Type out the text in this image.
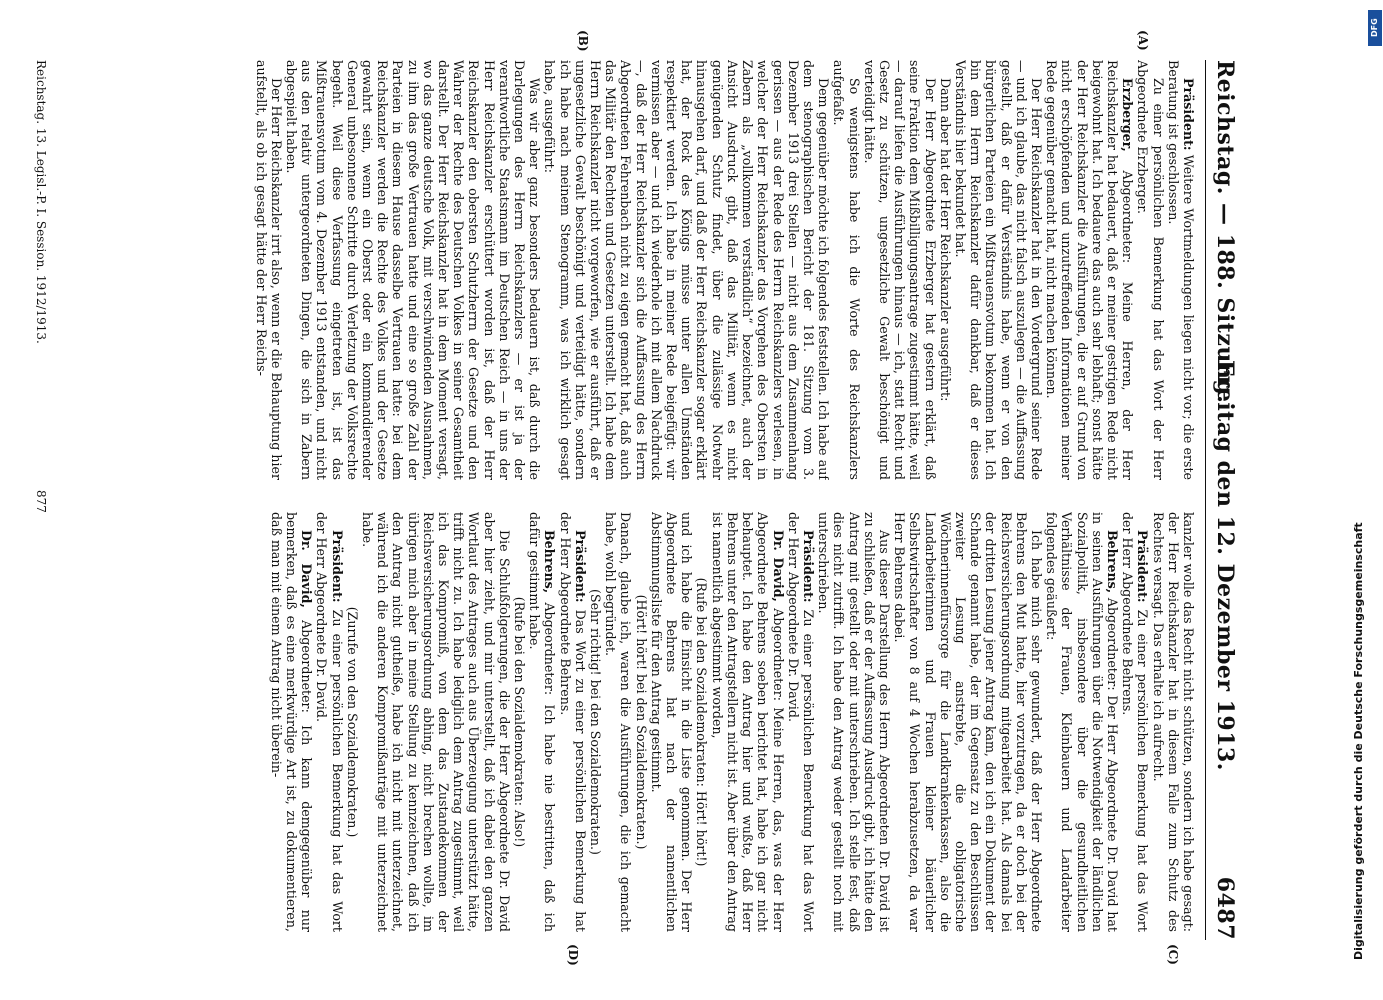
Reichstag. — 188. Sitzung.
Freitag den 12. Dezember 1913.
6487
(A)
(B)
(C)
(D)

Präsident: Weitere Wortmeldungen liegen nicht vor; die erste Beratung ist geschlossen.

Zu einer persönlichen Bemerkung hat das Wort der Herr Abgeordnete Erzberger.

Erzberger, Abgeordneter: Meine Herren, der Herr Reichskanzler hat bedauert, daß er meiner gestrigen Rede nicht beigewohnt hat. Ich bedauere das auch sehr lebhaft; sonst hätte der Herr Reichskanzler die Ausführungen, die er auf Grund von nicht erschöpfenden und unzutreffenden Informationen meiner Rede gegenüber gemacht hat, nicht machen können.

Der Herr Reichskanzler hat in den Vordergrund seiner Rede — und ich glaube, das nicht falsch auszulegen — die Auffassung gestellt, daß er dafür Verständnis habe, wenn er von den bürgerlichen Parteien ein Mißtrauensvotum bekommen hat. Ich bin dem Herrn Reichskanzler dafür dankbar, daß er dieses Verständnis hier bekundet hat.

Dann aber hat der Herr Reichskanzler ausgeführt:

Der Herr Abgeordnete Erzberger hat gestern erklärt, daß seine Fraktion dem Mißbilligungsantrage zugestimmt hätte, weil — darauf liefen die Ausführungen hinaus — ich, statt Recht und Gesetz zu schützen, ungesetzliche Gewalt beschönigt und verteidigt hätte.

So wenigstens habe ich die Worte des Reichskanzlers aufgefaßt.

Dem gegenüber möchte ich folgendes feststellen. Ich habe auf dem stenographischen Bericht der 181. Sitzung vom 3. Dezember 1913 drei Stellen — nicht aus dem Zusammenhang gerissen — aus der Rede des Herrn Reichskanzlers verlesen, in welcher der Herr Reichskanzler das Vorgehen des Obersten in Zabern als „vollkommen verständlich“ bezeichnet, auch der Ansicht Ausdruck gibt, daß das Militär, wenn es nicht genügenden Schutz findet, über die zulässige Notwehr hinausgehen darf, und daß der Herr Reichskanzler sogar erklärt hat, der Rock des Königs müsse unter allen Umständen respektiert werden. Ich habe in meiner Rede beigefügt: wir vermissen aber — und ich wiederhole ich mit allem Nachdruck —, daß der Herr Reichskanzler sich die Auffassung des Herrn Abgeordneten Fehrenbach nicht zu eigen gemacht hat, daß auch das Militär den Rechten und Gesetzen unterstellt. Ich habe dem Herrn Reichskanzler nicht vorgeworfen, wie er ausführt, daß er ungesetzliche Gewalt beschönigt und verteidigt hätte, sondern ich habe nach meinem Stenogramm, was ich wirklich gesagt habe, ausgeführt:

Was wir aber ganz besonders bedauern ist, daß durch die Darlegungen des Herrn Reichskanzlers — er ist ja der verantwortliche Staatsmann im Deutschen Reich — in uns der Herr Reichskanzler erschüttert worden ist, daß der Herr Reichskanzler den obersten Schutzherrn der Gesetze und den Wahrer der Rechte des Deutschen Volkes in seiner Gesamtheit darstellt. Der Herr Reichskanzler hat in dem Moment versagt, wo das ganze deutsche Volk, mit verschwindenden Ausnahmen, zu ihm das große Vertrauen hatte und eine so große Zahl der Parteien in diesem Hause dasselbe Vertrauen hatte: bei dem Reichskanzler werden die Rechte des Volkes und der Gesetze gewahrt sein, wenn ein Oberst oder ein kommandierender General unbesonnene Schritte durch Verletzung der Volksrechte begeht. Weil diese Verfassung eingetreten ist, ist das Mißtrauensvotum vom 4. Dezember 1913 entstanden, und nicht aus den relativ untergeordneten Dingen, die sich in Zabern abgespielt haben.

Der Herr Reichskanzler irrt also, wenn er die Behauptung hier aufstellt, als ob ich gesagt hätte der Herr Reichs-

kanzler wolle das Recht nicht schützen, sondern ich habe gesagt: der Herr Reichskanzler hat in diesem Falle zum Schutz des Rechtes versagt. Das erhalte ich aufrecht.

Präsident: Zu einer persönlichen Bemerkung hat das Wort der Herr Abgeordnete Behrens.

Behrens, Abgeordneter: Der Herr Abgeordnete Dr. David hat in seinen Ausführungen über die Notwendigkeit der ländlichen Sozialpolitik, insbesondere über die gesundheitlichen Verhältnisse der Frauen, Kleinbauern und Landarbeiter folgendes geäußert:

Ich habe mich sehr gewundert, daß der Herr Abgeordnete Behrens den Mut hatte, hier vorzutragen, da er doch bei der Reichsversicherungsordnung mitgearbeitet hat. Als damals bei der dritten Lesung jener Antrag kam, den ich ein Dokument der Schande genannt habe, der im Gegensatz zu den Beschlüssen zweiter Lesung anstrebte, die obligatorische Wöchnerinnenfürsorge für die Landkrankenkassen, also die Landarbeiterinnen und Frauen kleiner bäuerlicher Selbstwirtschafter von 8 auf 4 Wochen herabzusetzen, da war Herr Behrens dabei.

Aus dieser Darstellung des Herrn Abgeordneten Dr. David ist zu schließen, daß er der Auffassung Ausdruck gibt, ich hätte den Antrag mit gestellt oder mit unterschrieben. Ich stelle fest, daß dies nicht zutrifft. Ich habe den Antrag weder gestellt noch mit unterschrieben.

Präsident: Zu einer persönlichen Bemerkung hat das Wort der Herr Abgeordnete Dr. David.

Dr. David, Abgeordneter: Meine Herren, das, was der Herr Abgeordnete Behrens soeben berichtet hat, habe ich gar nicht behauptet. Ich habe den Antrag hier und wußte, daß Herr Behrens unter den Antragstellern nicht ist. Aber über den Antrag ist namentlich abgestimmt worden,

(Rufe bei den Sozialdemokraten: Hört! hört!)

und ich habe die Einsicht in die Liste genommen. Der Herr Abgeordnete Behrens hat nach der namentlichen Abstimmungsliste für den Antrag gestimmt.

(Hört! hört! bei den Sozialdemokraten.)

Danach, glaube ich, waren die Ausführungen, die ich gemacht habe, wohl begründet.

(Sehr richtig! bei den Sozialdemokraten.)

Präsident: Das Wort zu einer persönlichen Bemerkung hat der Herr Abgeordnete Behrens.

Behrens, Abgeordneter: Ich habe nie bestritten, daß ich dafür gestimmt habe.

(Rufe bei den Sozialdemokraten: Also!)

Die Schlußfolgerungen, die der Herr Abgeordnete Dr. David aber hier zieht, und mir unterstellt, daß ich dabei den ganzen Wortlaut des Antrages auch aus Überzeugung unterstützt hätte, trifft nicht zu. Ich habe lediglich dem Antrag zugestimmt, weil ich das Kompromiß, von dem das Zustandekommen der Reichsversicherungsordnung abhing, nicht brechen wollte, im übrigen mich aber in meine Stellung zu kennzeichnen, daß ich den Antrag nicht gutheiße, habe ich nicht mit unterzeichnet, während ich die anderen Kompromißanträge mit unterzeichnet habe.

(Zurufe von den Sozialdemokraten.)

Präsident: Zu einer persönlichen Bemerkung hat das Wort der Herr Abgeordnete Dr. David.

Dr. David, Abgeordneter: Ich kann demgegenüber nur bemerken, daß es eine merkwürdige Art ist, zu dokumentieren, daß man mit einem Antrag nicht überein-

Reichstag. 13. Legisl.-P. I. Session. 1912/1913.
877
Digitalisierung gefördert durch die Deutsche Forschungsgemeinschaft
DFG
